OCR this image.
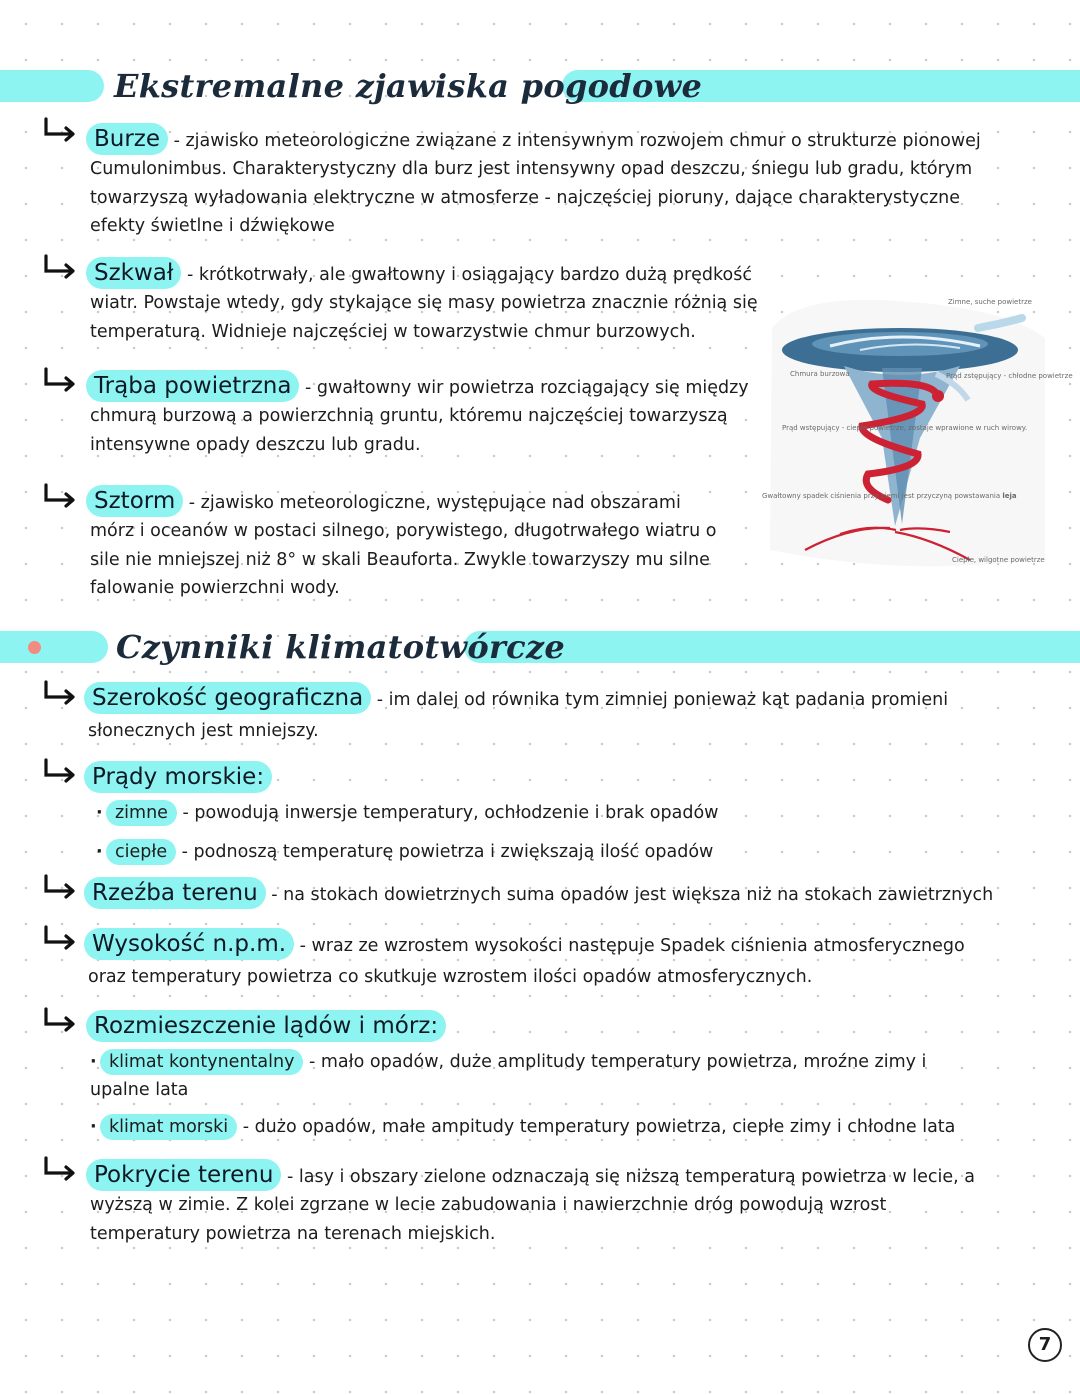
Ekstremalne zjawiska pogodowe

Burze - zjawisko meteorologiczne związane z intensywnym rozwojem chmur o strukturze pionowej Cumulonimbus. Charakterystyczny dla burz jest intensywny opad deszczu, śniegu lub gradu, którym towarzyszą wyładowania elektryczne w atmosferze - najczęściej pioruny, dające charakterystyczne efekty świetlne i dźwiękowe

Szkwał - krótkotrwały, ale gwałtowny i osiągający bardzo dużą prędkość wiatr. Powstaje wtedy, gdy stykające się masy powietrza znacznie różnią się temperaturą. Widnieje najczęściej w towarzystwie chmur burzowych.

Trąba powietrzna - gwałtowny wir powietrza rozciągający się między chmurą burzową a powierzchnią gruntu, któremu najczęściej towarzyszą intensywne opady deszczu lub gradu.

Sztorm - zjawisko meteorologiczne, występujące nad obszarami mórz i oceanów w postaci silnego, porywistego, długotrwałego wiatru o sile nie mniejszej niż 8° w skali Beauforta. Zwykle towarzyszy mu silne falowanie powierzchni wody.

Zimne, suche powietrze
Chmura burzowa	Prąd zstępujący - chłodne powietrze
Prąd wstępujący - ciepłe powietrze, zostaje wprawione w ruch wirowy.
Gwałtowny spadek ciśnienia przy ziemi jest przyczyną powstawania leja
Ciepłe, wilgotne powietrze
Czynniki klimatotwórcze

Szerokość geograficzna - im dalej od równika tym zimniej ponieważ kąt padania promieni słonecznych jest mniejszy.

Prądy morskie:

· zimne - powodują inwersje temperatury, ochłodzenie i brak opadów

· ciepłe - podnoszą temperaturę powietrza i zwiększają ilość opadów

Rzeźba terenu - na stokach dowietrznych suma opadów jest większa niż na stokach zawietrznych

Wysokość n.p.m. - wraz ze wzrostem wysokości następuje Spadek ciśnienia atmosferycznego oraz temperatury powietrza co skutkuje wzrostem ilości opadów atmosferycznych.

Rozmieszczenie lądów i mórz:

· klimat kontynentalny - mało opadów, duże amplitudy temperatury powietrza, mroźne zimy i upalne lata

· klimat morski - dużo opadów, małe ampitudy temperatury powietrza, ciepłe zimy i chłodne lata

Pokrycie terenu - lasy i obszary zielone odznaczają się niższą temperaturą powietrza w lecie, a wyższą w zimie. Z kolei zgrzane w lecie zabudowania i nawierzchnie dróg powodują wzrost temperatury powietrza na terenach miejskich.

7
